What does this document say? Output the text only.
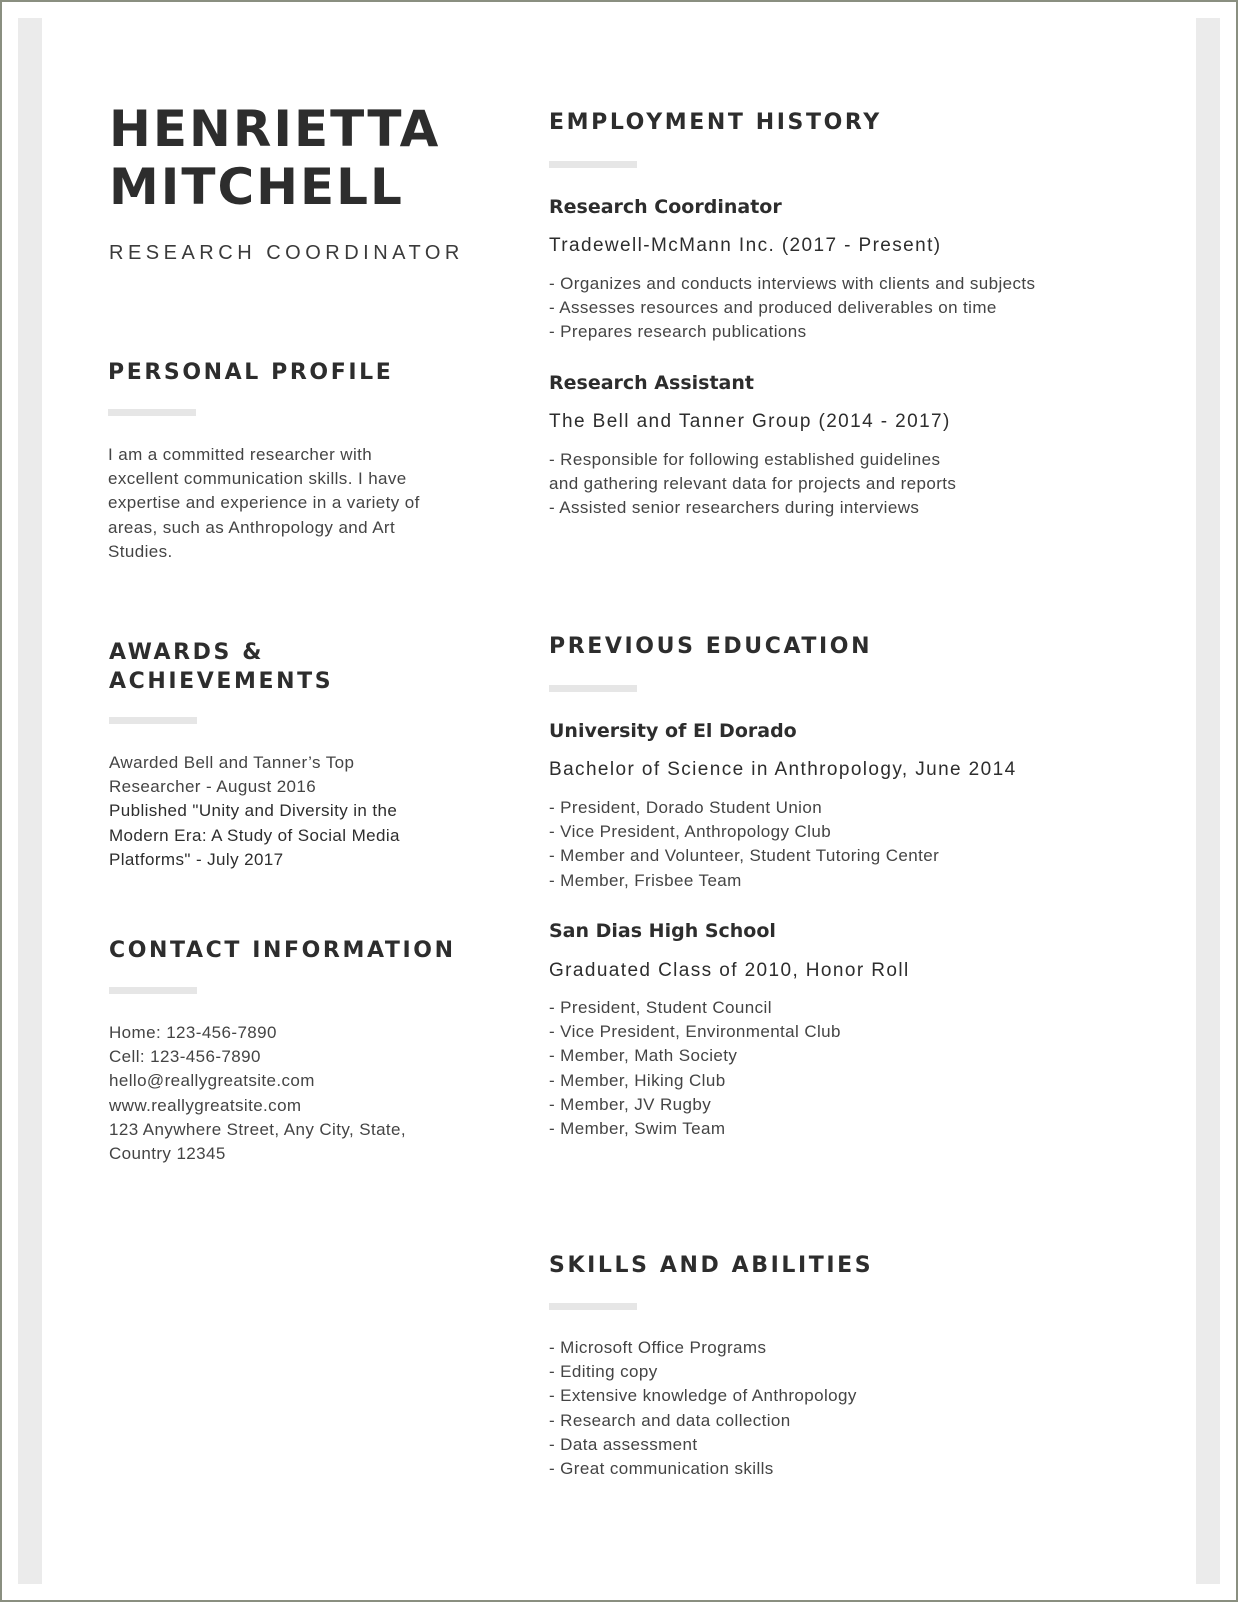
HENRIETTA
MITCHELL
RESEARCH COORDINATOR
PERSONAL PROFILE
I am a committed researcher with
excellent communication skills. I have
expertise and experience in a variety of
areas, such as Anthropology and Art
Studies.
AWARDS &
ACHIEVEMENTS
Awarded Bell and Tanner’s Top
Researcher - August 2016
Published "Unity and Diversity in the
Modern Era: A Study of Social Media
Platforms" - July 2017
CONTACT INFORMATION
Home: 123-456-7890
Cell: 123-456-7890
hello@reallygreatsite.com
www.reallygreatsite.com
123 Anywhere Street, Any City, State,
Country 12345
EMPLOYMENT HISTORY
Research Coordinator
Tradewell-McMann Inc. (2017 - Present)
- Organizes and conducts interviews with clients and subjects
- Assesses resources and produced deliverables on time
- Prepares research publications
Research Assistant
The Bell and Tanner Group (2014 - 2017)
- Responsible for following established guidelines
and gathering relevant data for projects and reports
- Assisted senior researchers during interviews
PREVIOUS EDUCATION
University of El Dorado
Bachelor of Science in Anthropology, June 2014
- President, Dorado Student Union
- Vice President, Anthropology Club
- Member and Volunteer, Student Tutoring Center
- Member, Frisbee Team
San Dias High School
Graduated Class of 2010, Honor Roll
- President, Student Council
- Vice President, Environmental Club
- Member, Math Society
- Member, Hiking Club
- Member, JV Rugby
- Member, Swim Team
SKILLS AND ABILITIES
- Microsoft Office Programs
- Editing copy
- Extensive knowledge of Anthropology
- Research and data collection
- Data assessment
- Great communication skills
